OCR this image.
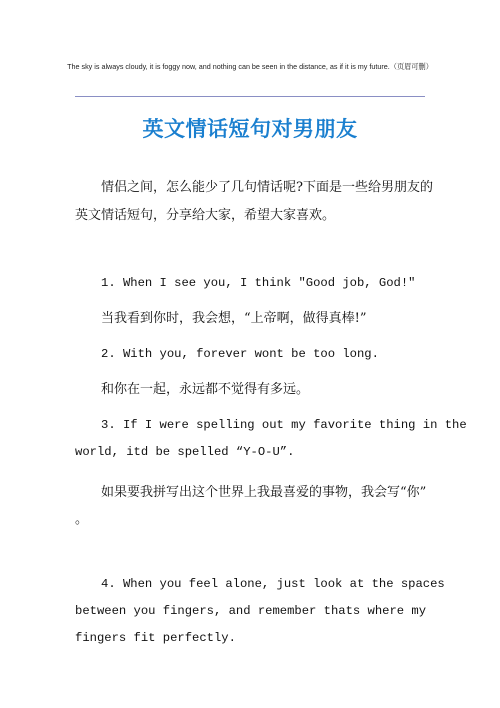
The sky is always cloudy, it is foggy now, and nothing can be seen in the distance, as if it is my future.（页眉可删）
英文情话短句对男朋友
情侣之间，怎么能少了几句情话呢?下面是一些给男朋友的
英文情话短句，分享给大家，希望大家喜欢。
1. When I see you, I think "Good job, God!"
当我看到你时，我会想，“上帝啊，做得真棒!”
2. With you, forever wont be too long.
和你在一起，永远都不觉得有多远。
3. If I were spelling out my favorite thing in the
world, itd be spelled “Y-O-U”.
如果要我拼写出这个世界上我最喜爱的事物，我会写“你”
。
4. When you feel alone, just look at the spaces
between you fingers, and remember thats where my
fingers fit perfectly.
